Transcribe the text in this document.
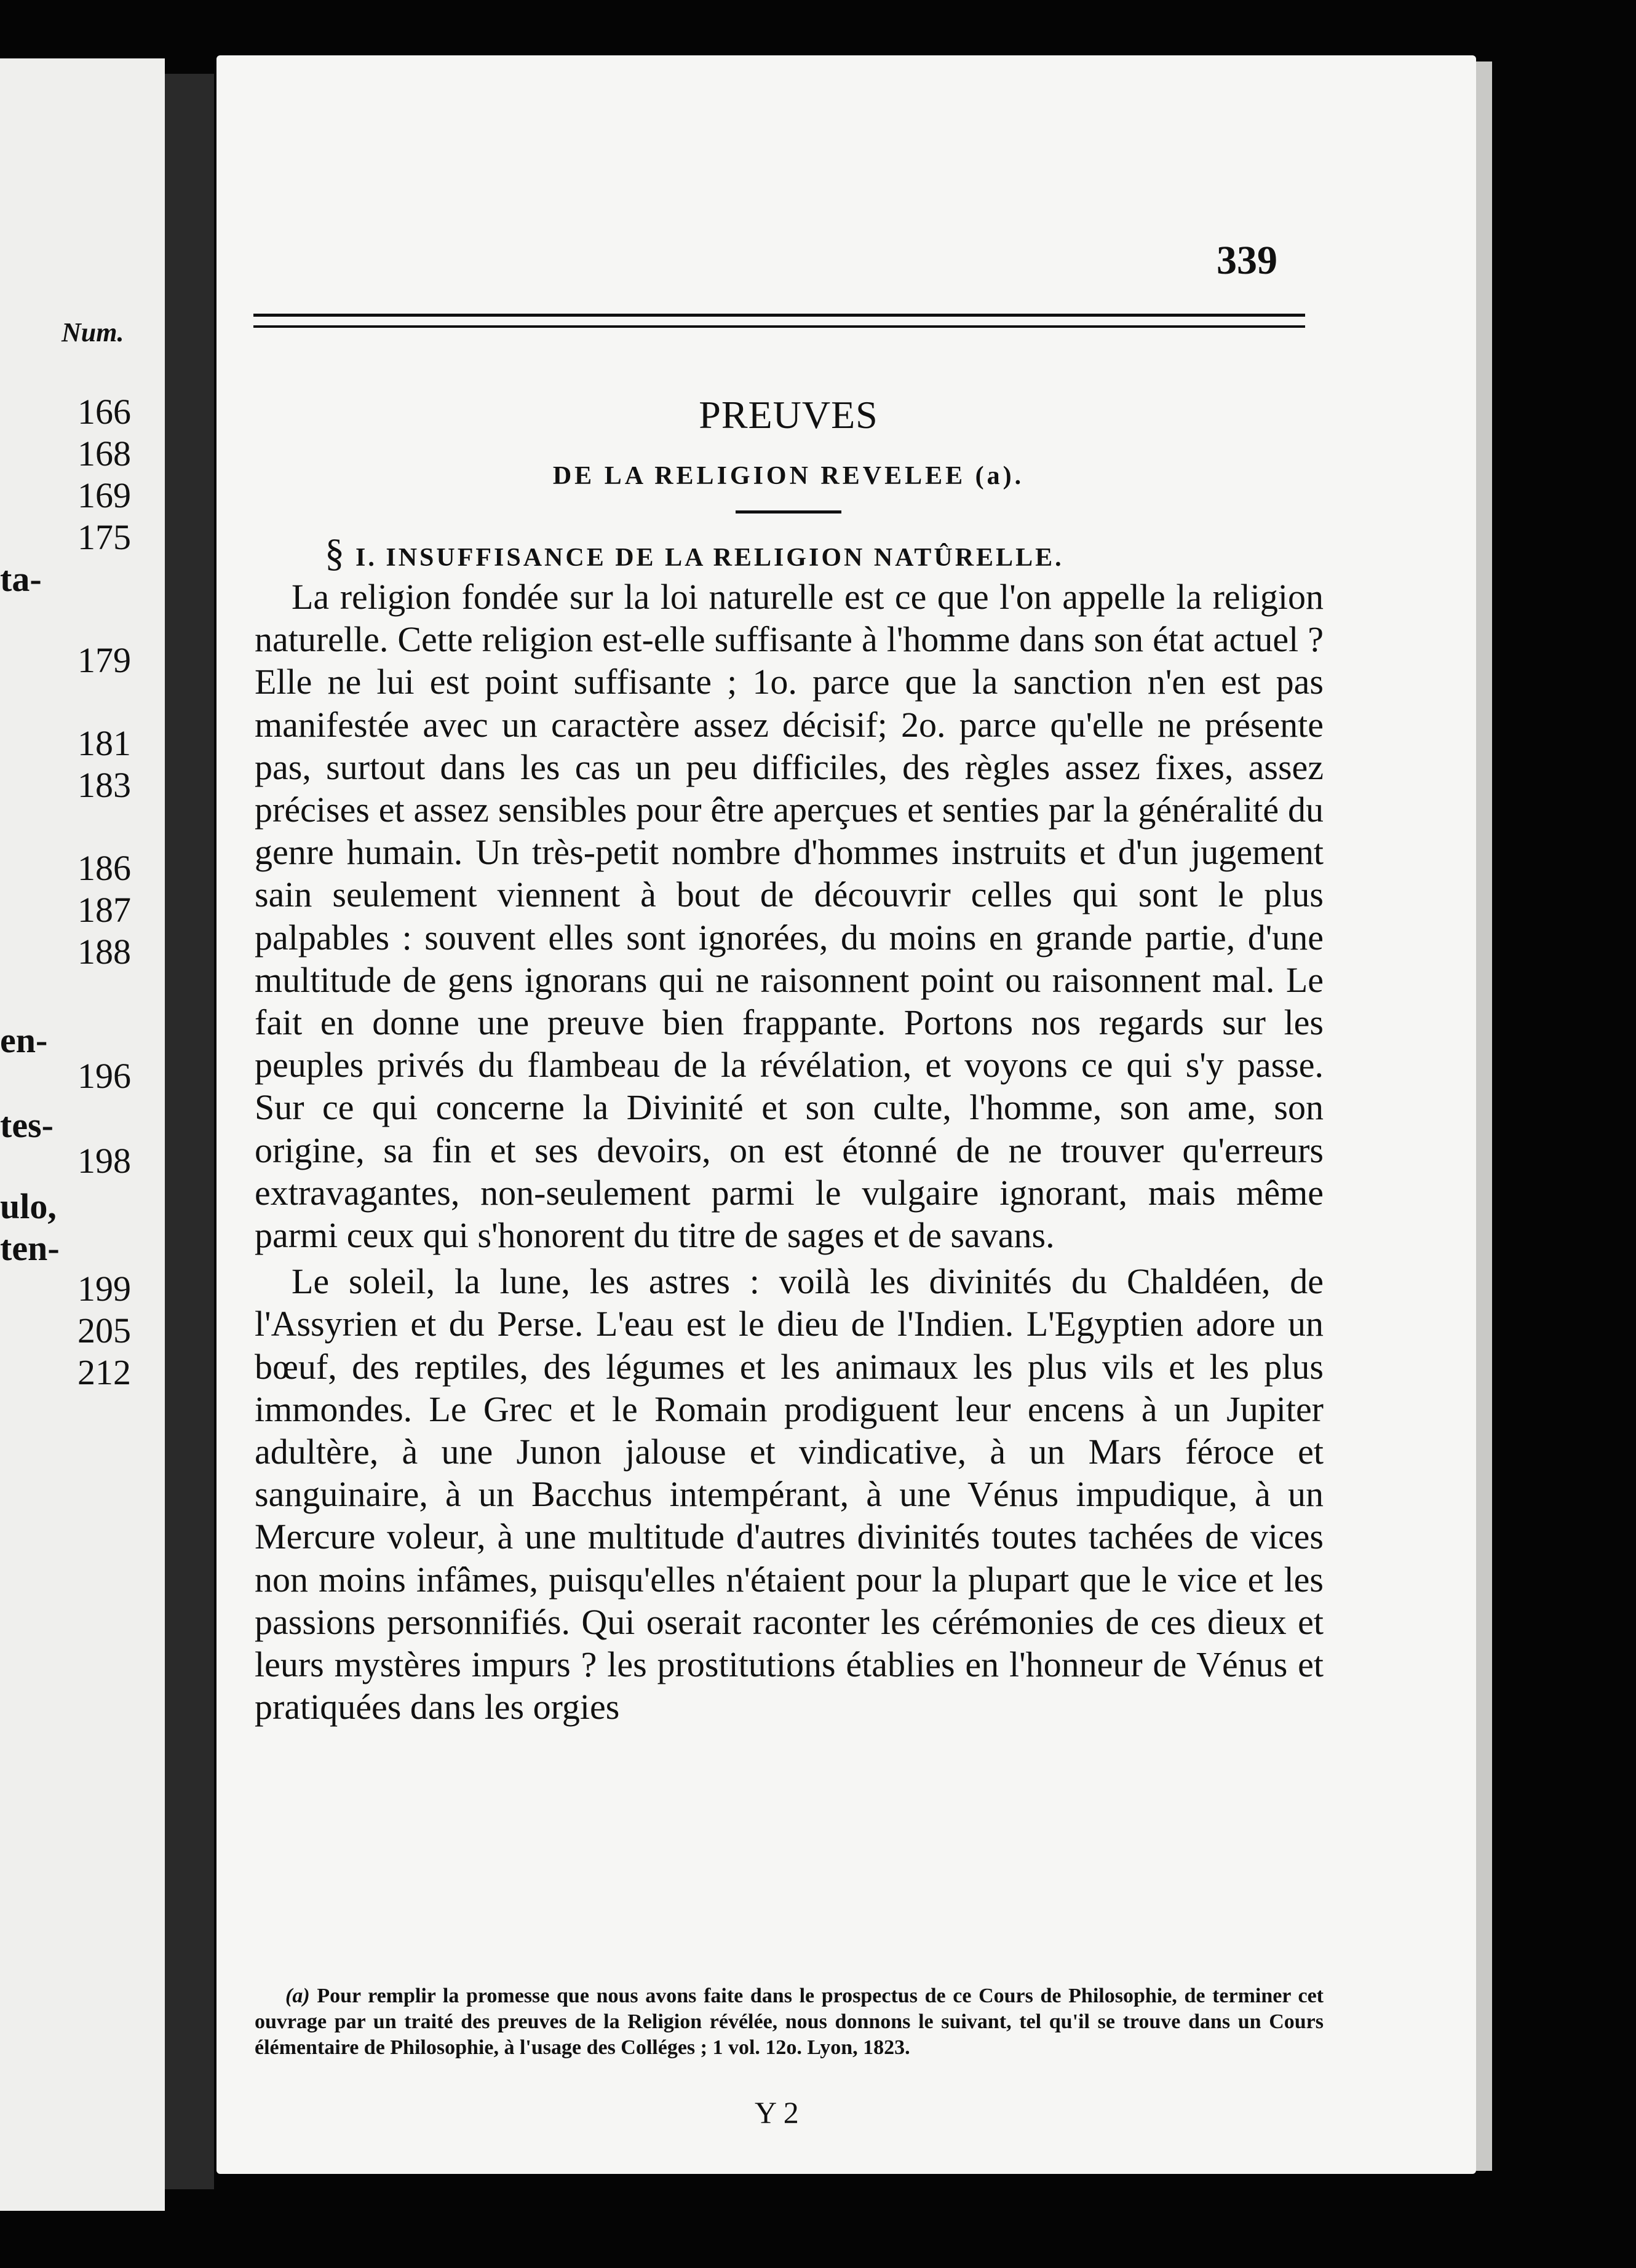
Num.
166
168
169
175
ta-
179
181
183
186
187
188
en-
196
tes-
198
ulo,
ten-
199
205
212
339
PREUVES
DE LA RELIGION REVELEE (a).
§ I. INSUFFISANCE DE LA RELIGION NATÛRELLE.

La religion fondée sur la loi naturelle est ce que l'on appelle la religion naturelle. Cette religion est-elle suffisante à l'homme dans son état actuel ? Elle ne lui est point suffisante ; 1o. parce que la sanction n'en est pas manifestée avec un caractère assez décisif; 2o. parce qu'elle ne présente pas, surtout dans les cas un peu difficiles, des règles assez fixes, assez précises et assez sensibles pour être aperçues et senties par la généralité du genre humain. Un très-petit nombre d'hommes instruits et d'un jugement sain seulement viennent à bout de découvrir celles qui sont le plus palpables : souvent elles sont ignorées, du moins en grande partie, d'une multitude de gens ignorans qui ne raisonnent point ou raisonnent mal. Le fait en donne une preuve bien frappante. Portons nos regards sur les peuples privés du flambeau de la révélation, et voyons ce qui s'y passe. Sur ce qui concerne la Divinité et son culte, l'homme, son ame, son origine, sa fin et ses devoirs, on est étonné de ne trouver qu'erreurs extravagantes, non-seulement parmi le vulgaire ignorant, mais même parmi ceux qui s'honorent du titre de sages et de savans.

Le soleil, la lune, les astres : voilà les divinités du Chaldéen, de l'Assyrien et du Perse. L'eau est le dieu de l'Indien. L'Egyptien adore un bœuf, des reptiles, des légumes et les animaux les plus vils et les plus immondes. Le Grec et le Romain prodiguent leur encens à un Jupiter adultère, à une Junon jalouse et vindicative, à un Mars féroce et sanguinaire, à un Bacchus intempérant, à une Vénus impudique, à un Mercure voleur, à une multitude d'autres divinités toutes tachées de vices non moins infâmes, puisqu'elles n'étaient pour la plupart que le vice et les passions personnifiés. Qui oserait raconter les cérémonies de ces dieux et leurs mystères impurs ? les prostitutions établies en l'honneur de Vénus et pratiquées dans les orgies

(a) Pour remplir la promesse que nous avons faite dans le prospectus de ce Cours de Philosophie, de terminer cet ouvrage par un traité des preuves de la Religion révélée, nous donnons le suivant, tel qu'il se trouve dans un Cours élémentaire de Philosophie, à l'usage des Colléges ; 1 vol. 12o. Lyon, 1823.
Y 2
